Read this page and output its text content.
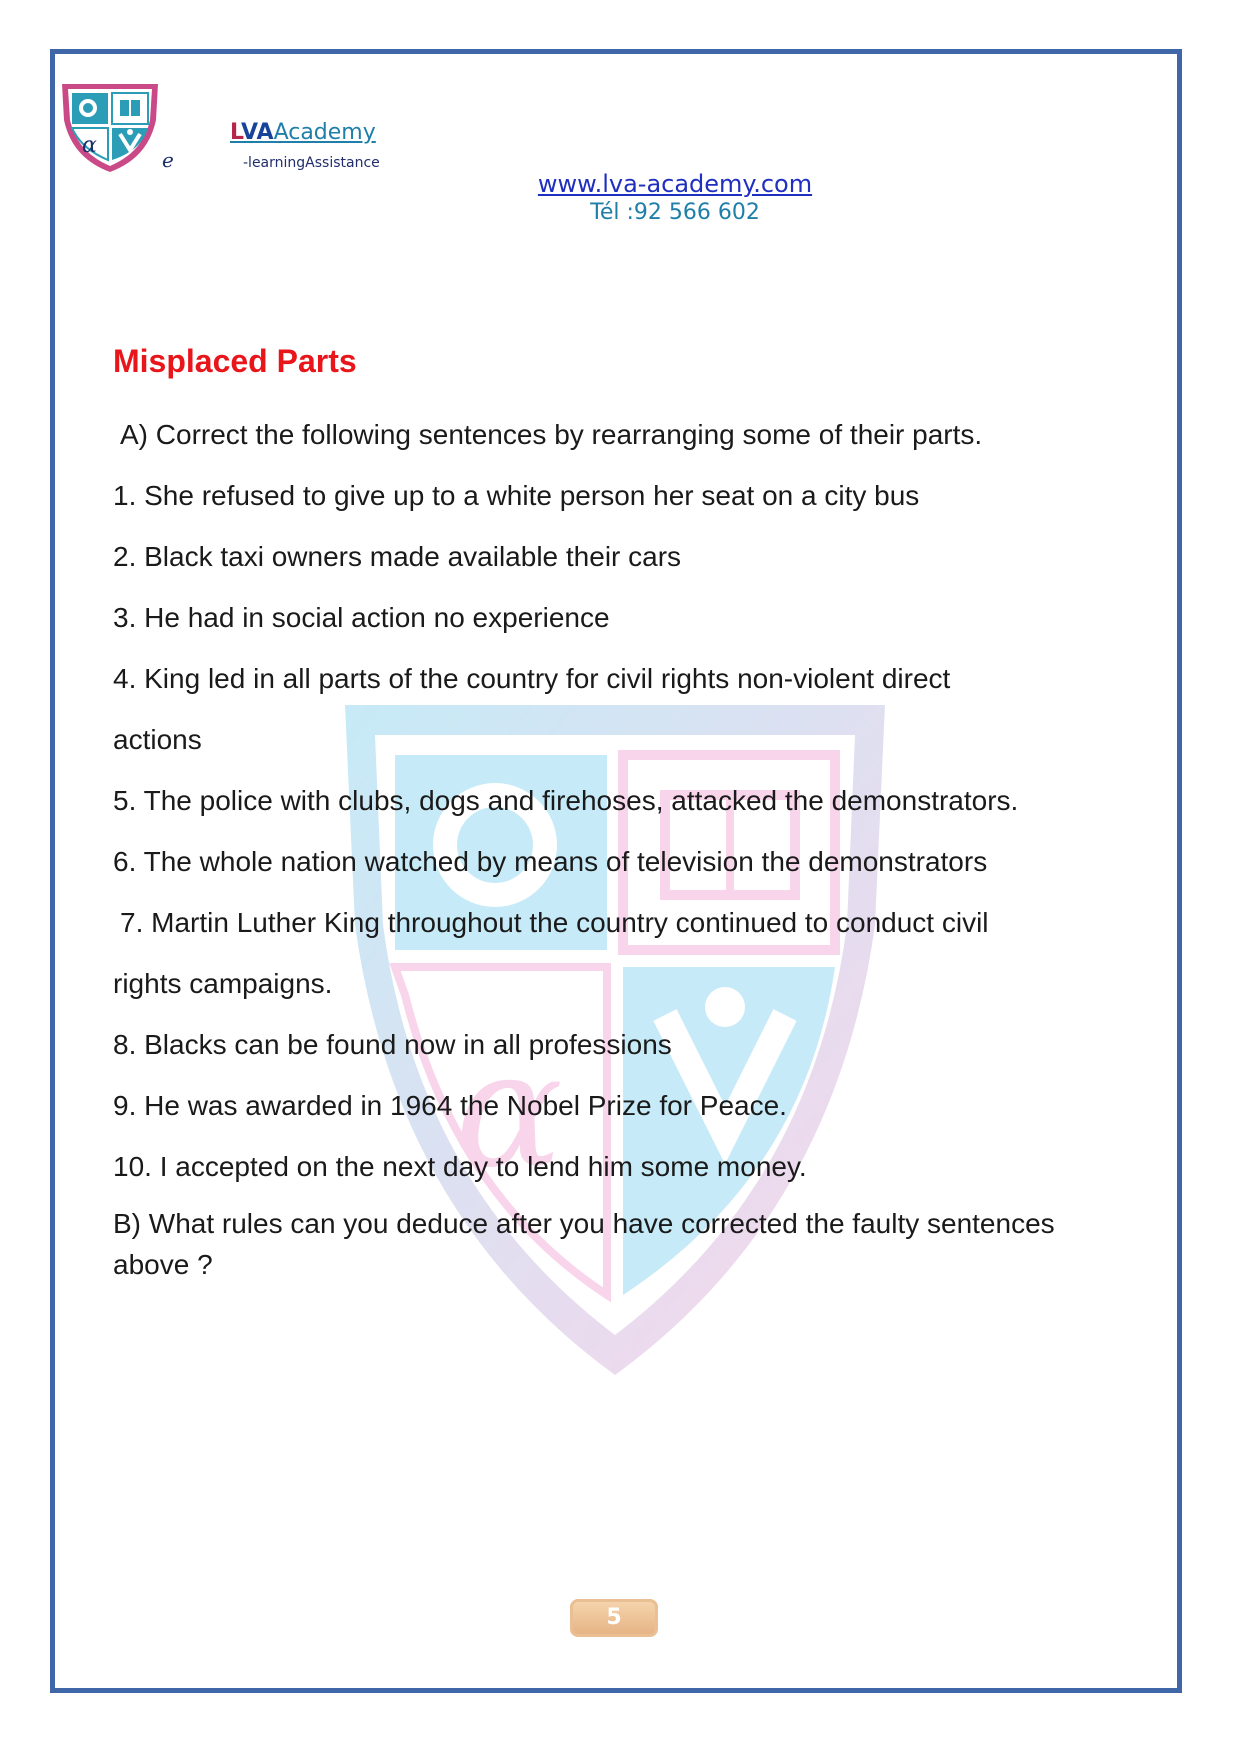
α
e
LVAAcademy
-learningAssistance
www.lva-academy.com
Tél :92 566 602
α
Misplaced Parts

A) Correct the following sentences by rearranging some of their parts.

1. She refused to give up to a white person her seat on a city bus

2. Black taxi owners made available their cars

3. He had in social action no experience

4. King led in all parts of the country for civil rights non-violent direct

actions

5. The police with clubs, dogs and firehoses, attacked the demonstrators.

6. The whole nation watched by means of television the demonstrators

7. Martin Luther King throughout the country continued to conduct civil

rights campaigns.

8. Blacks can be found now in all professions

9. He was awarded in 1964 the Nobel Prize for Peace.

10. I accepted on the next day to lend him some money.

B) What rules can you deduce after you have corrected the faulty sentences above ?

5
